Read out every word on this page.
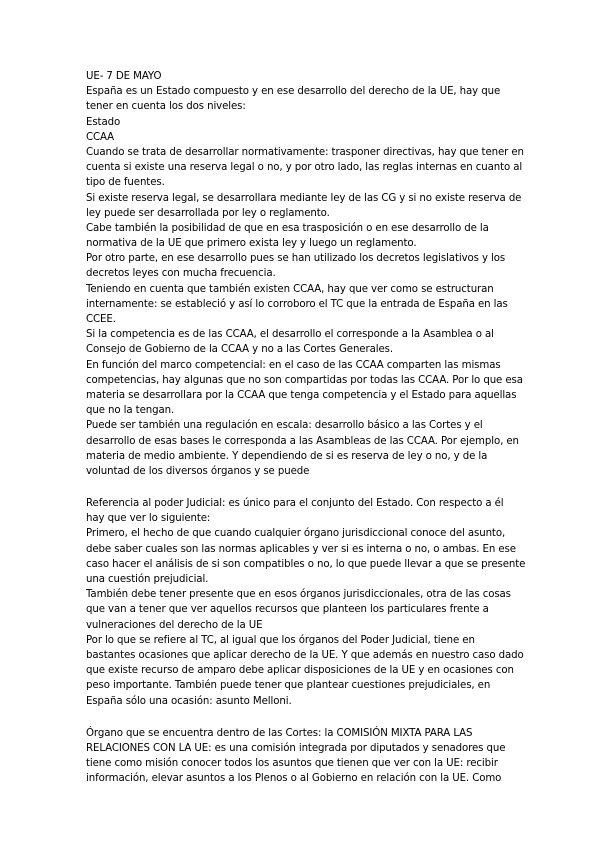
UE- 7 DE MAYO
España es un Estado compuesto y en ese desarrollo del derecho de la UE, hay que
tener en cuenta los dos niveles:
Estado
CCAA
Cuando se trata de desarrollar normativamente: trasponer directivas, hay que tener en
cuenta si existe una reserva legal o no, y por otro lado, las reglas internas en cuanto al
tipo de fuentes.
Si existe reserva legal, se desarrollara mediante ley de las CG y si no existe reserva de
ley puede ser desarrollada por ley o reglamento.
Cabe también la posibilidad de que en esa trasposición o en ese desarrollo de la
normativa de la UE que primero exista ley y luego un reglamento.
Por otro parte, en ese desarrollo pues se han utilizado los decretos legislativos y los
decretos leyes con mucha frecuencia.
Teniendo en cuenta que también existen CCAA, hay que ver como se estructuran
internamente: se estableció y así lo corroboro el TC que la entrada de España en las
CCEE.
Si la competencia es de las CCAA, el desarrollo el corresponde a la Asamblea o al
Consejo de Gobierno de la CCAA y no a las Cortes Generales.
En función del marco competencial: en el caso de las CCAA comparten las mismas
competencias, hay algunas que no son compartidas por todas las CCAA. Por lo que esa
materia se desarrollara por la CCAA que tenga competencia y el Estado para aquellas
que no la tengan.
Puede ser también una regulación en escala: desarrollo básico a las Cortes y el
desarrollo de esas bases le corresponda a las Asambleas de las CCAA. Por ejemplo, en
materia de medio ambiente. Y dependiendo de si es reserva de ley o no, y de la
voluntad de los diversos órganos y se puede
Referencia al poder Judicial: es único para el conjunto del Estado. Con respecto a él
hay que ver lo siguiente:
Primero, el hecho de que cuando cualquier órgano jurisdiccional conoce del asunto,
debe saber cuales son las normas aplicables y ver si es interna o no, o ambas. En ese
caso hacer el análisis de si son compatibles o no, lo que puede llevar a que se presente
una cuestión prejudicial.
También debe tener presente que en esos órganos jurisdiccionales, otra de las cosas
que van a tener que ver aquellos recursos que planteen los particulares frente a
vulneraciones del derecho de la UE
Por lo que se refiere al TC, al igual que los órganos del Poder Judicial, tiene en
bastantes ocasiones que aplicar derecho de la UE. Y que además en nuestro caso dado
que existe recurso de amparo debe aplicar disposiciones de la UE y en ocasiones con
peso importante. También puede tener que plantear cuestiones prejudiciales, en
España sólo una ocasión: asunto Melloni.
Órgano que se encuentra dentro de las Cortes: la COMISIÓN MIXTA PARA LAS
RELACIONES CON LA UE: es una comisión integrada por diputados y senadores que
tiene como misión conocer todos los asuntos que tienen que ver con la UE: recibir
información, elevar asuntos a los Plenos o al Gobierno en relación con la UE. Como
